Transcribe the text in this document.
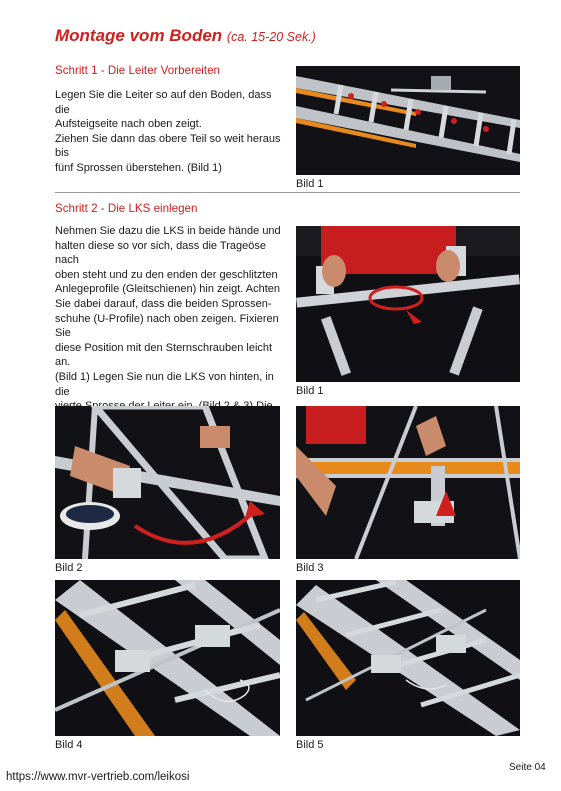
Montage vom Boden (ca. 15-20 Sek.)
Schritt 1 - Die Leiter Vorbereiten
Legen Sie die Leiter so auf den Boden, dass die
Aufsteigseite nach oben zeigt.
Ziehen Sie dann das obere Teil so weit heraus bis
fünf Sprossen überstehen. (Bild 1)
Bild 1
Schritt 2 - Die LKS einlegen
Nehmen Sie dazu die LKS in beide hände und
halten diese so vor sich, dass die Trageöse nach
oben steht und zu den enden der geschlitzten
Anlegeprofile (Gleitschienen) hin zeigt. Achten
Sie dabei darauf, dass die beiden Sprossen-
schuhe (U-Profile) nach oben zeigen. Fixieren Sie
diese Position mit den Sternschrauben leicht an.
(Bild 1) Legen Sie nun die LKS von hinten, in die	Bild 1
Bild 2	Bild 3
Bild 4	Bild 5
Seite 04
https://www.mvr-vertrieb.com/leikosi
